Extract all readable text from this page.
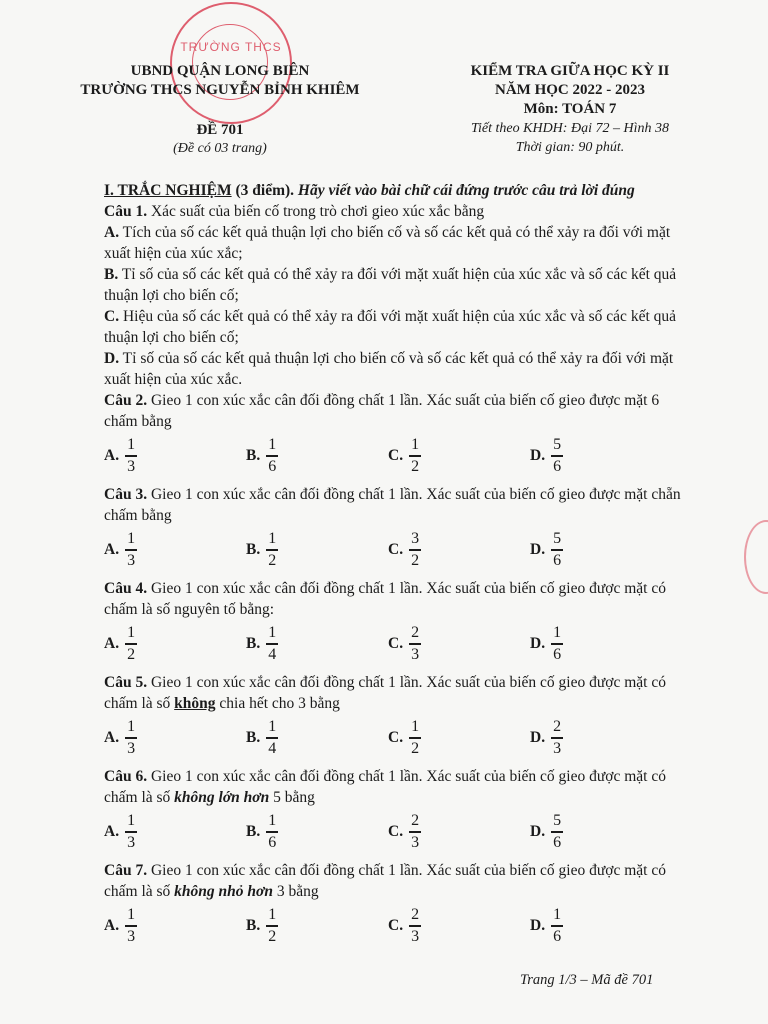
TRƯỜNG THCS
UBND QUẬN LONG BIÊN
TRƯỜNG THCS NGUYỄN BỈNH KHIÊM
ĐỀ 701
(Đề có 03 trang)
KIỂM TRA GIỮA HỌC KỲ II
NĂM HỌC 2022 - 2023
Môn: TOÁN 7
Tiết theo KHDH: Đại 72 – Hình 38
Thời gian: 90 phút.

I. TRẮC NGHIỆM (3 điểm). Hãy viết vào bài chữ cái đứng trước câu trả lời đúng

Câu 1. Xác suất của biến cố trong trò chơi gieo xúc xắc bằng

A. Tích của số các kết quả thuận lợi cho biến cố và số các kết quả có thể xảy ra đối với mặt xuất hiện của xúc xắc;

B. Tỉ số của số các kết quả có thể xảy ra đối với mặt xuất hiện của xúc xắc và số các kết quả thuận lợi cho biến cố;

C. Hiệu của số các kết quả có thể xảy ra đối với mặt xuất hiện của xúc xắc và số các kết quả thuận lợi cho biến cố;

D. Tỉ số của số các kết quả thuận lợi cho biến cố và số các kết quả có thể xảy ra đối với mặt xuất hiện của xúc xắc.

Câu 2. Gieo 1 con xúc xắc cân đối đồng chất 1 lần. Xác suất của biến cố gieo được mặt 6 chấm bằng

A. $\frac{1}{3}$	B. $\frac{1}{6}$	C. $\frac{1}{2}$	D. $\frac{5}{6}$

Câu 3. Gieo 1 con xúc xắc cân đối đồng chất 1 lần. Xác suất của biến cố gieo được mặt chẵn chấm bằng

A. $\frac{1}{3}$	B. $\frac{1}{2}$	C. $\frac{3}{2}$	D. $\frac{5}{6}$

Câu 4. Gieo 1 con xúc xắc cân đối đồng chất 1 lần. Xác suất của biến cố gieo được mặt có chấm là số nguyên tố bằng:

A. $\frac{1}{2}$	B. $\frac{1}{4}$	C. $\frac{2}{3}$	D. $\frac{1}{6}$

Câu 5. Gieo 1 con xúc xắc cân đối đồng chất 1 lần. Xác suất của biến cố gieo được mặt có chấm là số không chia hết cho 3 bằng

A. $\frac{1}{3}$	B. $\frac{1}{4}$	C. $\frac{1}{2}$	D. $\frac{2}{3}$

Câu 6. Gieo 1 con xúc xắc cân đối đồng chất 1 lần. Xác suất của biến cố gieo được mặt có chấm là số không lớn hơn 5 bằng

A. $\frac{1}{3}$	B. $\frac{1}{6}$	C. $\frac{2}{3}$	D. $\frac{5}{6}$

Câu 7. Gieo 1 con xúc xắc cân đối đồng chất 1 lần. Xác suất của biến cố gieo được mặt có chấm là số không nhỏ hơn 3 bằng

A. $\frac{1}{3}$	B. $\frac{1}{2}$	C. $\frac{2}{3}$	D. $\frac{1}{6}$
Trang 1/3 – Mã đề 701
